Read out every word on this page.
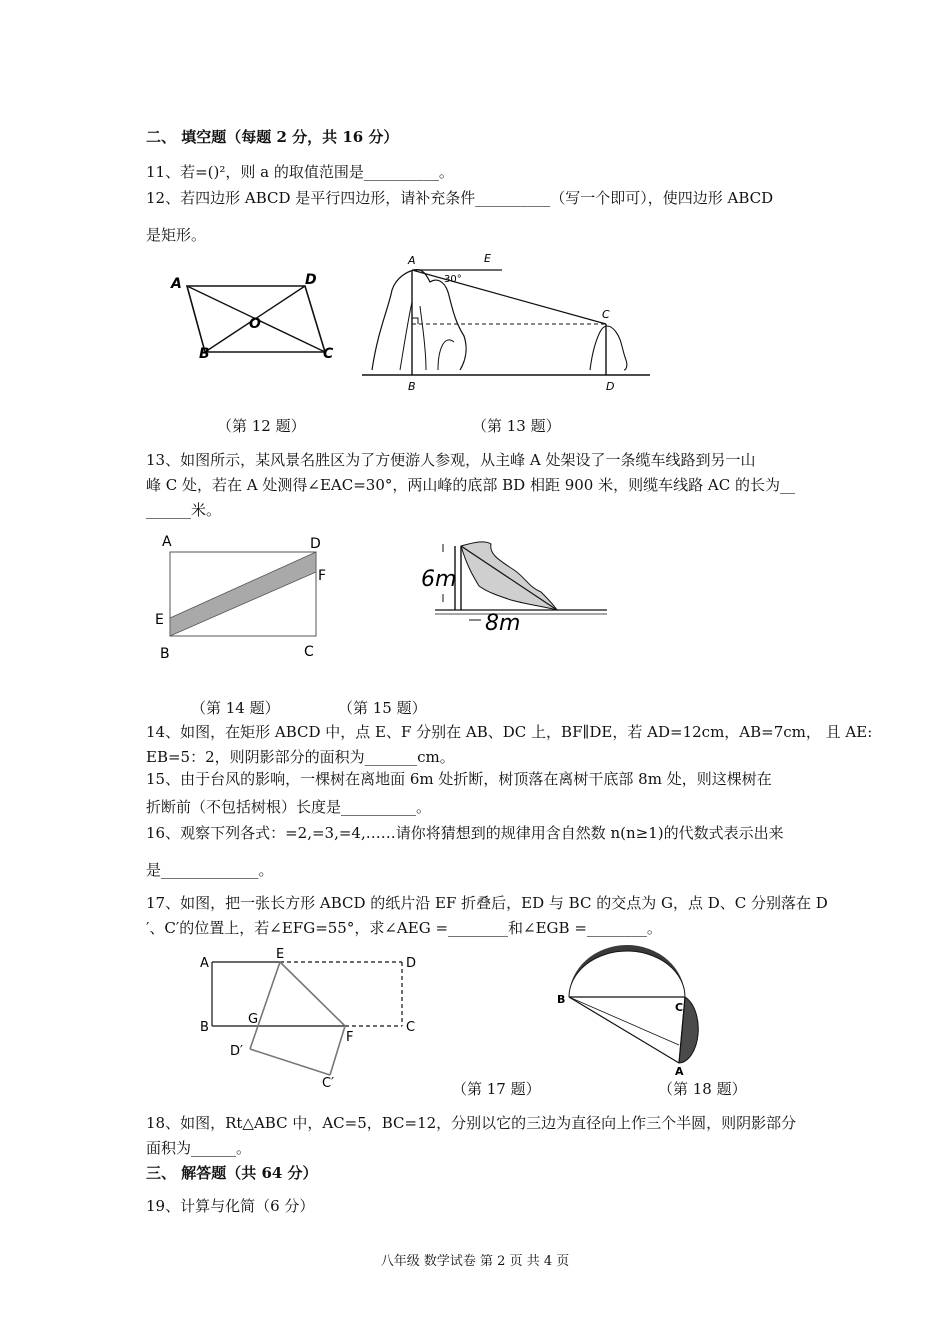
二、 填空题（每题 2 分，共 16 分）
11、若=()²，则 a 的取值范围是__________。
12、若四边形 ABCD 是平行四边形，请补充条件__________（写一个即可），使四边形 ABCD
是矩形。
A	D
O
B	C
A	E
30°
C
B	D
（第 12 题）	（第 13 题）
13、如图所示，某风景名胜区为了方便游人参观，从主峰 A 处架设了一条缆车线路到另一山
峰 C 处，若在 A 处测得∠EAC=30°，两山峰的底部 BD 相距 900 米，则缆车线路 AC 的长为__
______米。
A	D
F
E
B	C
6m
8m
（第 14 题）	（第 15 题）
14、如图，在矩形 ABCD 中，点 E、F 分别在 AB、DC 上，BF∥DE，若 AD=12cm，AB=7cm， 且 AE:
EB=5：2，则阴影部分的面积为_______cm。
15、由于台风的影响，一棵树在离地面 6m 处折断，树顶落在离树干底部 8m 处，则这棵树在
折断前（不包括树根）长度是__________。
16、观察下列各式：=2,=3,=4,……请你将猜想到的规律用含自然数 n(n≥1)的代数式表示出来
是_____________。
17、如图，把一张长方形 ABCD 的纸片沿 EF 折叠后，ED 与 BC 的交点为 G，点 D、C 分别落在 D
′、C′的位置上，若∠EFG=55°，求∠AEG =________和∠EGB =________。
A
E
D
B
G
F
C
D′
C′
B
C
A
（第 17 题）	（第 18 题）
18、如图，Rt△ABC 中，AC=5，BC=12，分别以它的三边为直径向上作三个半圆，则阴影部分
面积为______。
三、 解答题（共 64 分）
19、计算与化简（6 分）
八年级 数学试卷 第 2 页 共 4 页
